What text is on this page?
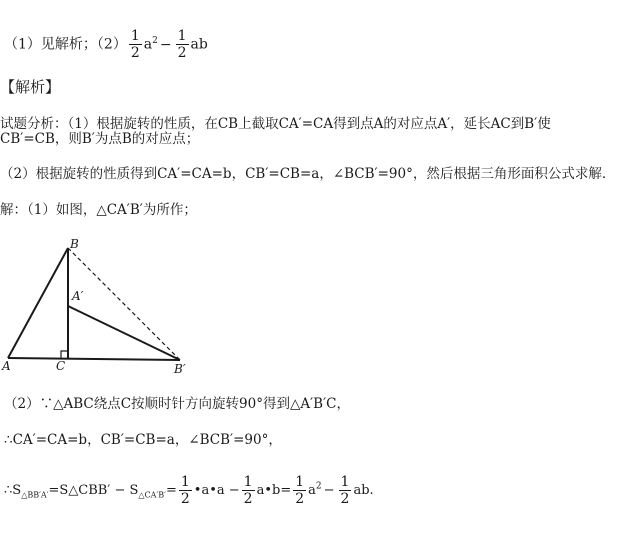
（1）见解析；$(2) \frac{1}{2} a^2 - \frac{1}{2}$ ab
【解析】
试题分析：（1）根据旋转的性质，在CB上截取CA′=CA得到点A的对应点A′，延长AC到B′使
CB′=CB，则B′为点B的对应点；
（2）根据旋转的性质得到CA′=CA=b，CB′=CB=a，∠BCB′=90°，然后根据三角形面积公式求解．
解：（1）如图，△CA′B′为所作；
B
A′
A	C	B′
（2）∵△ABC绕点C按顺时针方向旋转90°得到△A′B′C，
∴CA′=CA=b，CB′=CB=a，∠BCB′=90°，
$\therefore S_{\triangle BB'A'}=S\triangle CBB' - S_{\triangle CA'B'}= \frac{1}{2}$ •a•a − $\frac{1}{2}$ a•b= $\frac{1}{2} a^2 - \frac{1}{2}$ ab.
